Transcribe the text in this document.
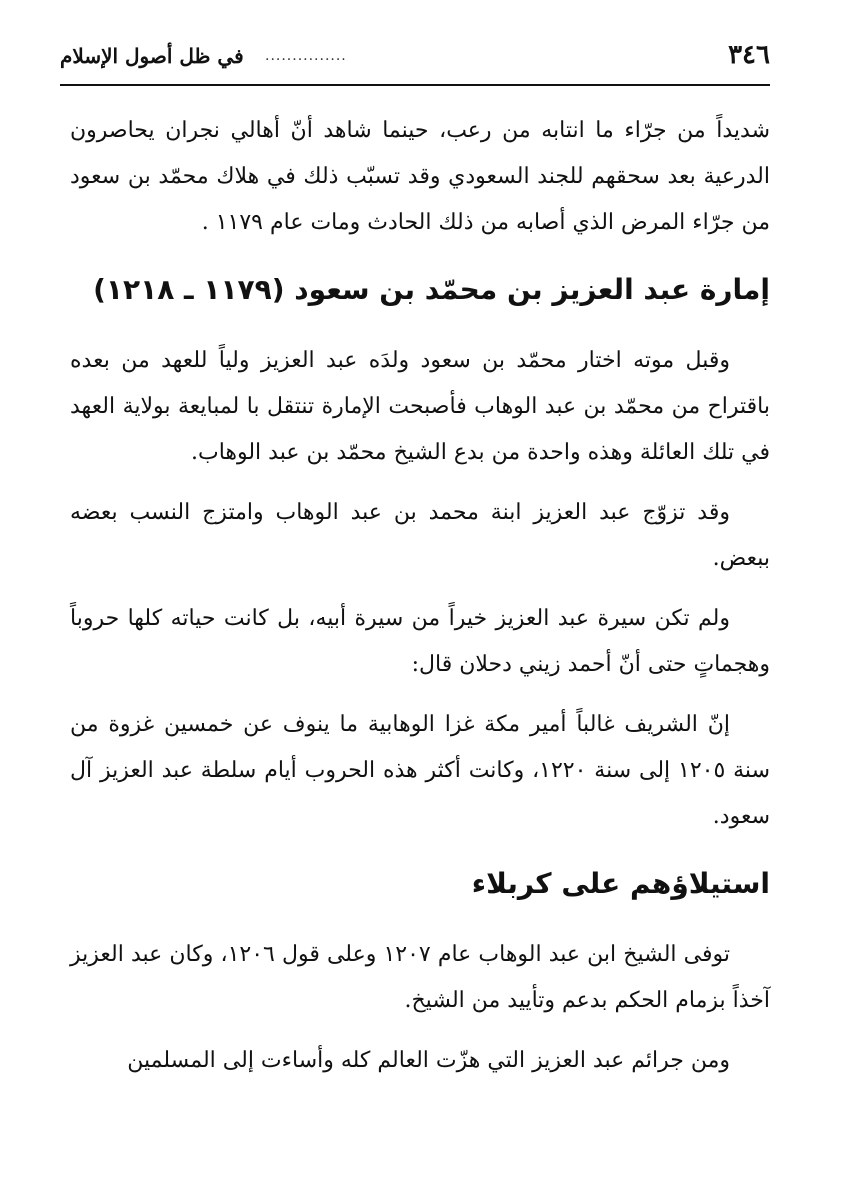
٣٤٦
...............
في ظل أصول الإسلام

شديداً من جرّاء ما انتابه من رعب، حينما شاهد أنّ أهالي نجران يحاصرون الدرعية بعد سحقهم للجند السعودي وقد تسبّب ذلك في هلاك محمّد بن سعود من جرّاء المرض الذي أصابه من ذلك الحادث ومات عام ١١٧٩ .

إمارة عبد العزيز بن محمّد بن سعود (١١٧٩ ـ ١٢١٨)

وقبل موته اختار محمّد بن سعود ولدَه عبد العزيز ولياً للعهد من بعده باقتراح من محمّد بن عبد الوهاب فأصبحت الإمارة تنتقل با لمبايعة بولاية العهد في تلك العائلة وهذه واحدة من بدع الشيخ محمّد بن عبد الوهاب.

وقد تزوّج عبد العزيز ابنة محمد بن عبد الوهاب وامتزج النسب بعضه ببعض.

ولم تكن سيرة عبد العزيز خيراً من سيرة أبيه، بل كانت حياته كلها حروباً وهجماتٍ حتى أنّ أحمد زيني دحلان قال:

إنّ الشريف غالباً أمير مكة غزا الوهابية ما ينوف عن خمسين غزوة من سنة ١٢٠٥ إلى سنة ١٢٢٠، وكانت أكثر هذه الحروب أيام سلطة عبد العزيز آل سعود.

استيلاؤهم على كربلاء

توفى الشيخ ابن عبد الوهاب عام ١٢٠٧ وعلى قول ١٢٠٦، وكان عبد العزيز آخذاً بزمام الحكم بدعم وتأييد من الشيخ.

ومن جرائم عبد العزيز التي هزّت العالم كله وأساءت إلى المسلمين
